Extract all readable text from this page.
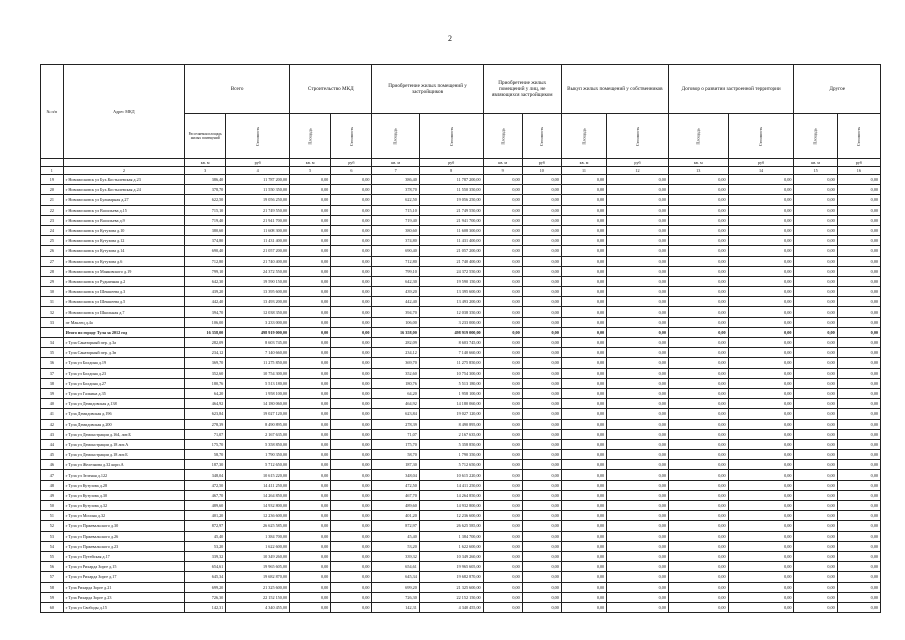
2
№ п/п	Адрес МКД	Всего		Строительство МКД		Приобретение жилых помещений у застройщиков		Приобретение жилых помещений у лиц, не являющихся застройщиком		Выкуп жилых помещений у собственников		Договор о развитии застроенной территории		Другое	
		Расселяемая площадь жилых помещений	Стоимость	Площадь	Стоимость	Площадь	Стоимость	Площадь	Стоимость	Площадь	Стоимость	Площадь	Стоимость	Площадь	Стоимость
		кв. м	руб	кв. м	руб	кв. м	руб	кв. м	руб	кв. м	руб	кв. м	руб	кв. м	руб
1	2	3	4	5	6	7	8	9	10	11	12	13	14	15	16
19	г Новомосковск ул Бух.Костылевская д.23	386,40	11 787 200,00	0,00	0,00	386,40	11 787 200,00	0,00	0,00	0,00	0,00	0,00	0,00	0,00	0,00
20	г Новомосковск ул Бух.Костылевская д.24	378,70	11 550 350,00	0,00	0,00	378,70	11 550 350,00	0,00	0,00	0,00	0,00	0,00	0,00	0,00	0,00
21	г Новомосковск ул Бульварная д.27	622,50	19 056 250,00	0,00	0,00	622,50	19 056 250,00	0,00	0,00	0,00	0,00	0,00	0,00	0,00	0,00
22	г Новомосковск ул Васильева д.15	715,10	21 749 550,00	0,00	0,00	715,10	21 749 550,00	0,00	0,00	0,00	0,00	0,00	0,00	0,00	0,00
23	г Новомосковск ул Васильева д.9	719,40	21 941 700,00	0,00	0,00	719,40	21 941 700,00	0,00	0,00	0,00	0,00	0,00	0,00	0,00	0,00
24	г Новомосковск ул Кутузова д.10	380,60	11 608 300,00	0,00	0,00	380,60	11 608 300,00	0,00	0,00	0,00	0,00	0,00	0,00	0,00	0,00
25	г Новомосковск ул Кутузова д.12	374,80	11 431 400,00	0,00	0,00	374,80	11 431 400,00	0,00	0,00	0,00	0,00	0,00	0,00	0,00	0,00
26	г Новомосковск ул Кутузова д.14	690,40	21 057 200,00	0,00	0,00	690,40	21 057 200,00	0,00	0,00	0,00	0,00	0,00	0,00	0,00	0,00
27	г Новомосковск ул Кутузова д.6	712,80	21 740 400,00	0,00	0,00	712,80	21 740 400,00	0,00	0,00	0,00	0,00	0,00	0,00	0,00	0,00
28	г Новомосковск ул Маяковского д.19	799,10	24 372 550,00	0,00	0,00	799,10	24 372 550,00	0,00	0,00	0,00	0,00	0,00	0,00	0,00	0,00
29	г Новомосковск ул Рудничная д.2	642,30	19 590 150,00	0,00	0,00	642,30	19 590 150,00	0,00	0,00	0,00	0,00	0,00	0,00	0,00	0,00
30	г Новомосковск ул Шекшеева д.3	439,20	13 395 600,00	0,00	0,00	439,20	13 395 600,00	0,00	0,00	0,00	0,00	0,00	0,00	0,00	0,00
31	г Новомосковск ул Шекшеева д.5	442,40	13 493 200,00	0,00	0,00	442,40	13 493 200,00	0,00	0,00	0,00	0,00	0,00	0,00	0,00	0,00
32	г Новомосковск ул Школьная д.7	394,70	12 038 350,00	0,00	0,00	394,70	12 038 350,00	0,00	0,00	0,00	0,00	0,00	0,00	0,00	0,00
33	пт Маклец д.4а	106,00	3 233 000,00	0,00	0,00	106,00	3 233 000,00	0,00	0,00	0,00	0,00	0,00	0,00	0,00	0,00
	Итого по городу Тула за 2012 год	16 358,00	498 919 000,00	0,00	0,00	16 358,00	498 919 000,00	0,00	0,00	0,00	0,00	0,00	0,00	0,00	0,00
34	г Тула Санаторный пер. д.3а	282,09	8 603 745,00	0,00	0,00	282,09	8 603 745,00	0,00	0,00	0,00	0,00	0,00	0,00	0,00	0,00
35	г Тула Санаторный пер. д.3в	234,12	7 140 660,00	0,00	0,00	234,12	7 140 660,00	0,00	0,00	0,00	0,00	0,00	0,00	0,00	0,00
36	г Тула ул Болдина д.19	369,70	11 275 850,00	0,00	0,00	369,70	11 275 850,00	0,00	0,00	0,00	0,00	0,00	0,00	0,00	0,00
37	г Тула ул Болдина д.23	352,60	10 754 300,00	0,00	0,00	352,60	10 754 300,00	0,00	0,00	0,00	0,00	0,00	0,00	0,00	0,00
38	г Тула ул Болдина д.27	180,76	5 513 180,00	0,00	0,00	180,76	5 513 180,00	0,00	0,00	0,00	0,00	0,00	0,00	0,00	0,00
39	г Тула ул Галкина д.35	64,20	1 958 100,00	0,00	0,00	64,20	1 958 100,00	0,00	0,00	0,00	0,00	0,00	0,00	0,00	0,00
40	г Тула ул Демидовская д.138	464,92	14 180 060,00	0,00	0,00	464,92	14 180 060,00	0,00	0,00	0,00	0,00	0,00	0,00	0,00	0,00
41	г Тула Демидовская д.196	623,84	19 027 120,00	0,00	0,00	623,84	19 027 120,00	0,00	0,00	0,00	0,00	0,00	0,00	0,00	0,00
42	г Тула Демидовская д.200	278,39	8 490 895,00	0,00	0,00	278,39	8 490 895,00	0,00	0,00	0,00	0,00	0,00	0,00	0,00	0,00
43	г Тула ул Демонстрации д.164, лит.Б	71,07	2 167 635,00	0,00	0,00	71,07	2 167 635,00	0,00	0,00	0,00	0,00	0,00	0,00	0,00	0,00
44	г Тула ул Демонстрации д.18 лит.А	175,70	5 358 850,00	0,00	0,00	175,70	5 358 850,00	0,00	0,00	0,00	0,00	0,00	0,00	0,00	0,00
45	г Тула ул Демонстрации д.18 лит.Б	58,70	1 790 350,00	0,00	0,00	58,70	1 790 350,00	0,00	0,00	0,00	0,00	0,00	0,00	0,00	0,00
46	г Тула ул Железнова д.32 корп.А	187,30	5 712 650,00	0,00	0,00	187,30	5 712 650,00	0,00	0,00	0,00	0,00	0,00	0,00	0,00	0,00
47	г Тула ул Зеленая д.122	348,04	10 615 220,00	0,00	0,00	348,04	10 615 220,00	0,00	0,00	0,00	0,00	0,00	0,00	0,00	0,00
48	г Тула ул Кутузова д.28	472,50	14 411 250,00	0,00	0,00	472,50	14 411 250,00	0,00	0,00	0,00	0,00	0,00	0,00	0,00	0,00
49	г Тула ул Кутузова д.30	467,70	14 264 850,00	0,00	0,00	467,70	14 264 850,00	0,00	0,00	0,00	0,00	0,00	0,00	0,00	0,00
50	г Тула ул Кутузова д.32	489,60	14 932 800,00	0,00	0,00	489,60	14 932 800,00	0,00	0,00	0,00	0,00	0,00	0,00	0,00	0,00
51	г Тула ул Мосина д.32	401,20	12 236 600,00	0,00	0,00	401,20	12 236 600,00	0,00	0,00	0,00	0,00	0,00	0,00	0,00	0,00
52	г Тула ул Пржевальского д.30	872,97	26 625 585,00	0,00	0,00	872,97	26 625 585,00	0,00	0,00	0,00	0,00	0,00	0,00	0,00	0,00
53	г Тула ул Пржевальского д.26	45,40	1 384 700,00	0,00	0,00	45,40	1 384 700,00	0,00	0,00	0,00	0,00	0,00	0,00	0,00	0,00
54	г Тула ул Пржевальского д.23	53,20	1 622 600,00	0,00	0,00	53,20	1 622 600,00	0,00	0,00	0,00	0,00	0,00	0,00	0,00	0,00
55	г Тула ул Путейская д.17	339,32	10 349 260,00	0,00	0,00	339,32	10 349 260,00	0,00	0,00	0,00	0,00	0,00	0,00	0,00	0,00
56	г Тула ул Рихарда Зорге д.15	654,61	19 965 605,00	0,00	0,00	654,61	19 965 605,00	0,00	0,00	0,00	0,00	0,00	0,00	0,00	0,00
57	г Тула ул Рихарда Зорге д.17	645,34	19 682 870,00	0,00	0,00	645,34	19 682 870,00	0,00	0,00	0,00	0,00	0,00	0,00	0,00	0,00
58	г Тула Рихарда Зорге д.21	699,20	21 325 600,00	0,00	0,00	699,20	21 325 600,00	0,00	0,00	0,00	0,00	0,00	0,00	0,00	0,00
59	г Тула Рихарда Зорге д.23	726,30	22 152 150,00	0,00	0,00	726,30	22 152 150,00	0,00	0,00	0,00	0,00	0,00	0,00	0,00	0,00
60	г Тула ул Свободы д.15	142,31	4 340 455,00	0,00	0,00	142,31	4 340 455,00	0,00	0,00	0,00	0,00	0,00	0,00	0,00	0,00
